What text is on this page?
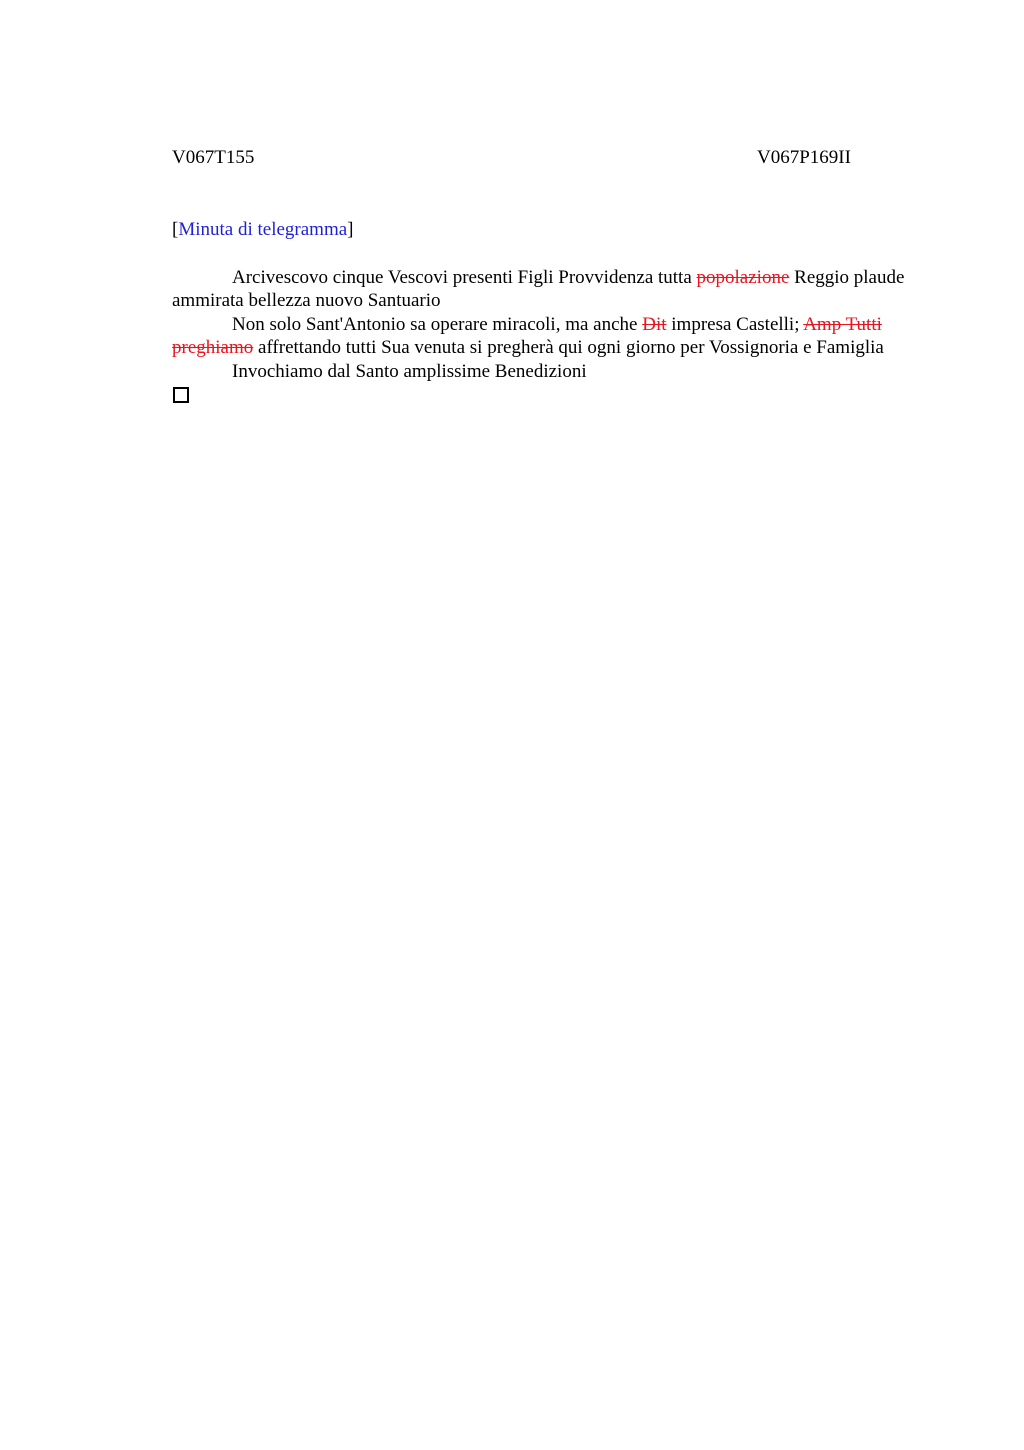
V067T155	V067P169II
[Minuta di telegramma]

Arcivescovo cinque Vescovi presenti Figli Provvidenza tutta popolazione Reggio plaude ammirata bellezza nuovo Santuario

Non solo Sant'Antonio sa operare miracoli, ma anche Dit impresa Castelli; Amp Tutti preghiamo affrettando tutti Sua venuta si pregherà qui ogni giorno per Vossignoria e Famiglia

Invochiamo dal Santo amplissime Benedizioni
